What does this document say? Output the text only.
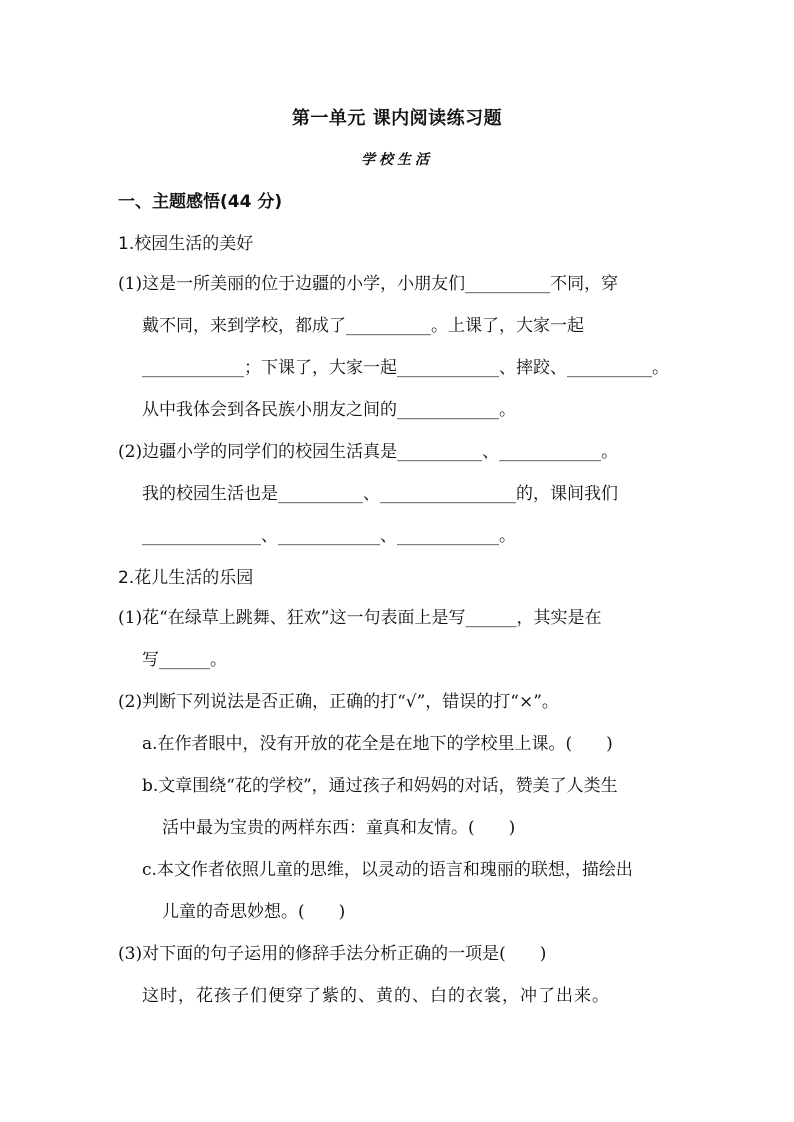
第一单元 课内阅读练习题
学校生活
一、主题感悟(44 分)
1.校园生活的美好
(1)这是一所美丽的位于边疆的小学，小朋友们__________不同，穿
戴不同，来到学校，都成了__________。上课了，大家一起
____________；下课了，大家一起____________、摔跤、__________。
从中我体会到各民族小朋友之间的____________。
(2)边疆小学的同学们的校园生活真是__________、____________。
我的校园生活也是__________、________________的，课间我们
______________、____________、____________。
2.花儿生活的乐园
(1)花“在绿草上跳舞、狂欢”这一句表面上是写______，其实是在
写______。
(2)判断下列说法是否正确，正确的打“√”，错误的打“×”。
a.在作者眼中，没有开放的花全是在地下的学校里上课。(　　)
b.文章围绕“花的学校”，通过孩子和妈妈的对话，赞美了人类生
活中最为宝贵的两样东西：童真和友情。(　　)
c.本文作者依照儿童的思维，以灵动的语言和瑰丽的联想，描绘出
儿童的奇思妙想。(　　)
(3)对下面的句子运用的修辞手法分析正确的一项是(　　)
这时，花孩子们便穿了紫的、黄的、白的衣裳，冲了出来。
